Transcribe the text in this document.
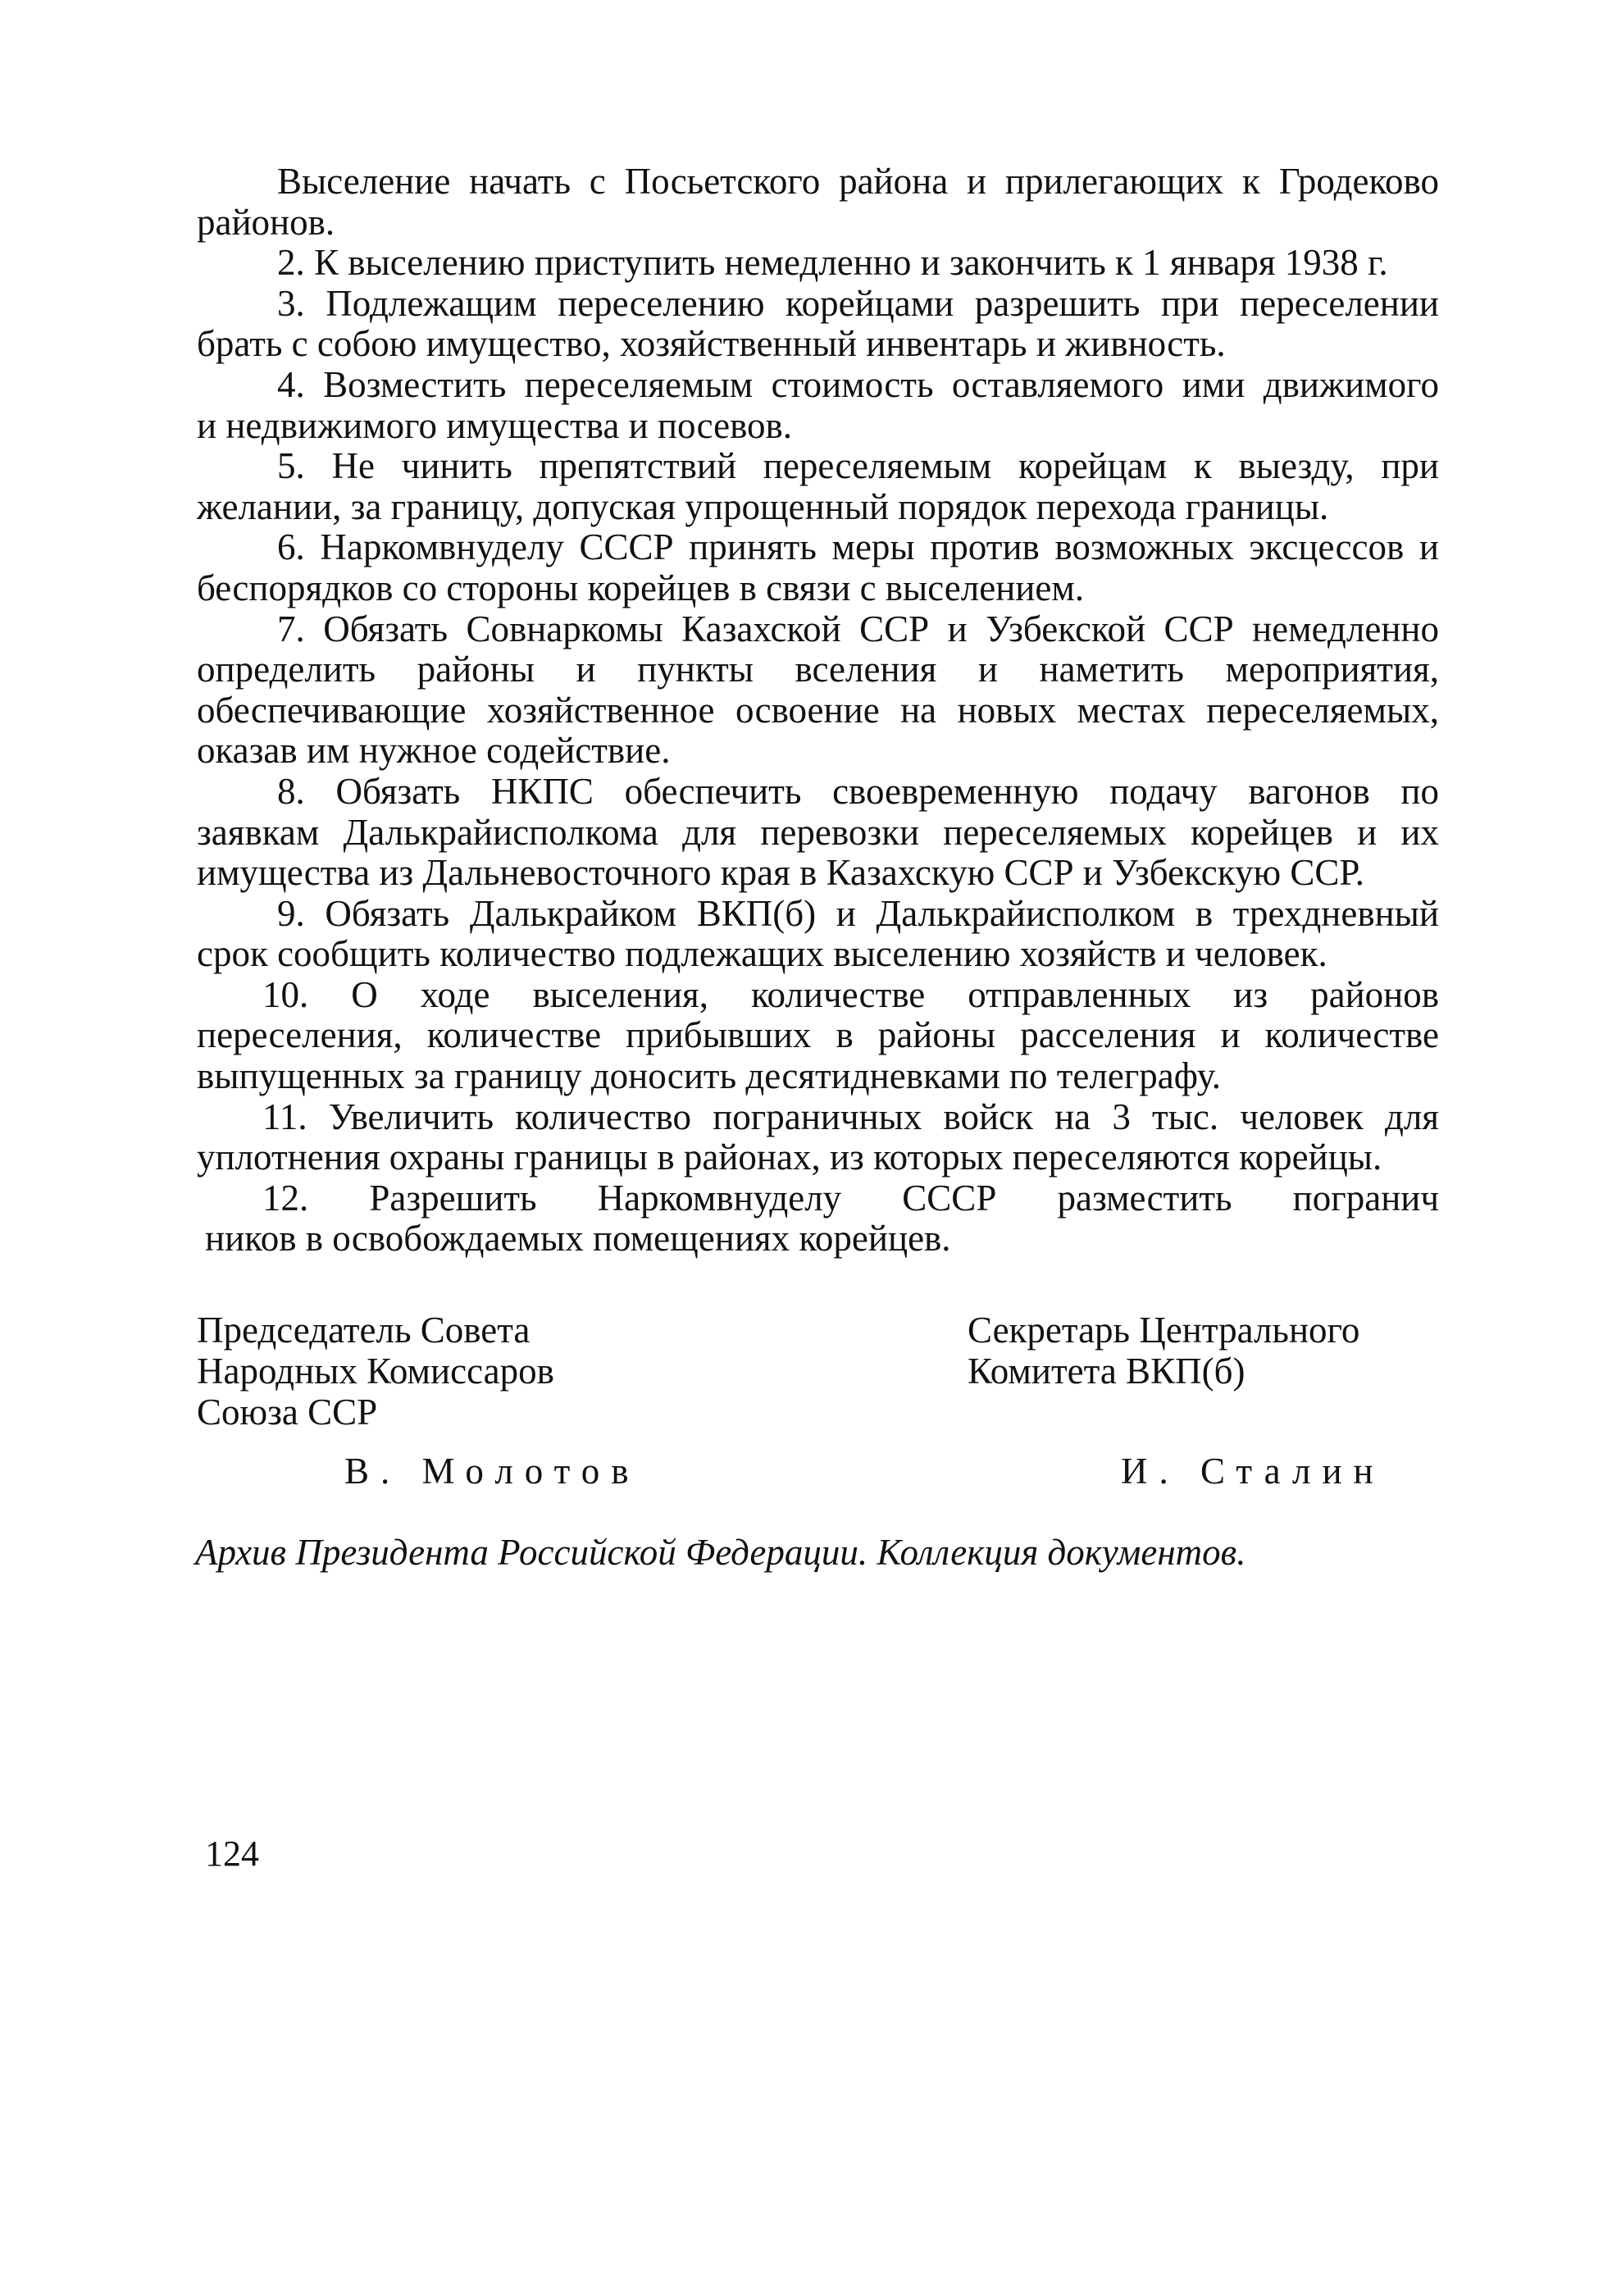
Выселение начать с Посьетского района и прилегающих к Гродеково
районов.
2. К выселению приступить немедленно и закончить к 1 января 1938 г.
3. Подлежащим переселению корейцами разрешить при переселении
брать с собою имущество, хозяйственный инвентарь и живность.
4. Возместить переселяемым стоимость оставляемого ими движимого
и недвижимого имущества и посевов.
5. Не чинить препятствий переселяемым корейцам к выезду, при
желании, за границу, допуская упрощенный порядок перехода границы.
6. Наркомвнуделу СССР принять меры против возможных эксцессов и
беспорядков со стороны корейцев в связи с выселением.
7. Обязать Совнаркомы Казахской ССР и Узбекской ССР немедленно
определить районы и пункты вселения и наметить мероприятия,
обеспечивающие хозяйственное освоение на новых местах переселяемых,
оказав им нужное содействие.
8. Обязать НКПС обеспечить своевременную подачу вагонов по
заявкам Далькрайисполкома для перевозки переселяемых корейцев и их
имущества из Дальневосточного края в Казахскую ССР и Узбекскую ССР.
9. Обязать Далькрайком ВКП(б) и Далькрайисполком в трехдневный
срок сообщить количество подлежащих выселению хозяйств и человек.
10. О ходе выселения, количестве отправленных из районов
переселения, количестве прибывших в районы расселения и количестве
выпущенных за границу доносить десятидневками по телеграфу.
11. Увеличить количество пограничных войск на 3 тыс. человек для
уплотнения охраны границы в районах, из которых переселяются корейцы.
12. Разрешить Наркомвнуделу СССР разместить погранич
ников в освобождаемых помещениях корейцев.
Председатель Совета
Народных Комиссаров
Союза ССР
Секретарь Центрального
Комитета ВКП(б)
В. Молотов	И. Сталин
Архив Президента Российской Федерации. Коллекция документов.
124
